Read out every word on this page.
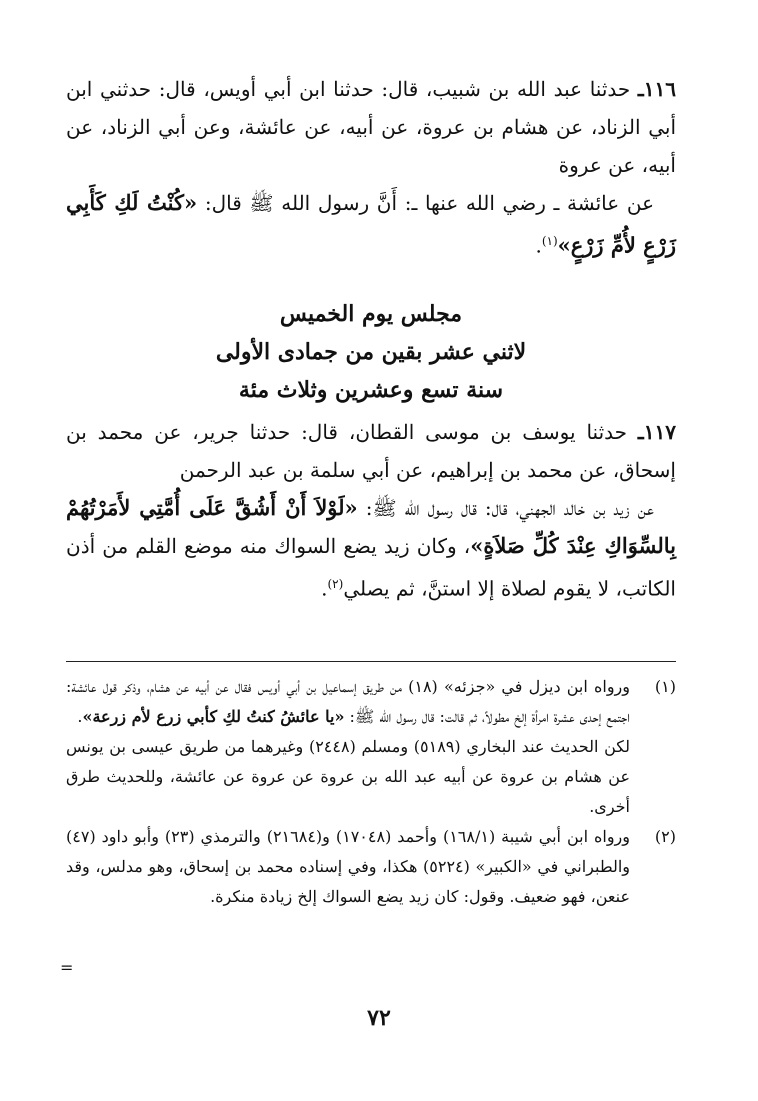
١١٦ـ حدثنا عبد الله بن شبيب، قال: حدثنا ابن أبي أويس، قال: حدثني ابن أبي الزناد، عن هشام بن عروة، عن أبيه، عن عائشة، وعن أبي الزناد، عن أبيه، عن عروة

عن عائشة ـ رضي الله عنها ـ: أَنَّ رسول الله ﷺ قال: «كُنْتُ لَكِ كَأَبِي زَرْعٍ لأُمِّ زَرْعٍ»$^{(١)}$.

مجلس يوم الخميس

لاثني عشر بقين من جمادى الأولى

سنة تسع وعشرين وثلاث مئة

١١٧ـ حدثنا يوسف بن موسى القطان، قال: حدثنا جرير، عن محمد بن إسحاق، عن محمد بن إبراهيم، عن أبي سلمة بن عبد الرحمن

عن زيد بن خالد الجهني، قال: قال رسول الله ﷺ: «لَوْلاَ أَنْ أَشُقَّ عَلَى أُمَّتِي لأَمَرْتُهُمْ بِالسِّوَاكِ عِنْدَ كُلِّ صَلاَةٍ»، وكان زيد يضع السواك منه موضع القلم من أذن الكاتب، لا يقوم لصلاة إلا استنَّ، ثم يصلي$^{(٢)}$.

(١)

ورواه ابن ديزل في «جزئه» (١٨) من طريق إسماعيل بن أبي أويس فقال عن أبيه عن هشام، وذكر قول عائشة: اجتمع إحدى عشرة امرأة إلخ مطولاً، ثم قالت: قال رسول الله ﷺ: «يا عائشُ كنتُ لكِ كأبي زرع لأم زرعة».

لكن الحديث عند البخاري (٥١٨٩) ومسلم (٢٤٤٨) وغيرهما من طريق عيسى بن يونس عن هشام بن عروة عن أبيه عبد الله بن عروة عن عروة عن عائشة، وللحديث طرق أخرى.

(٢)

ورواه ابن أبي شيبة (١٦٨/١) وأحمد (١٧٠٤٨) و(٢١٦٨٤) والترمذي (٢٣) وأبو داود (٤٧) والطبراني في «الكبير» (٥٢٢٤) هكذا، وفي إسناده محمد بن إسحاق، وهو مدلس، وقد عنعن، فهو ضعيف. وقول: كان زيد يضع السواك إلخ زيادة منكرة.

=
٧٢
